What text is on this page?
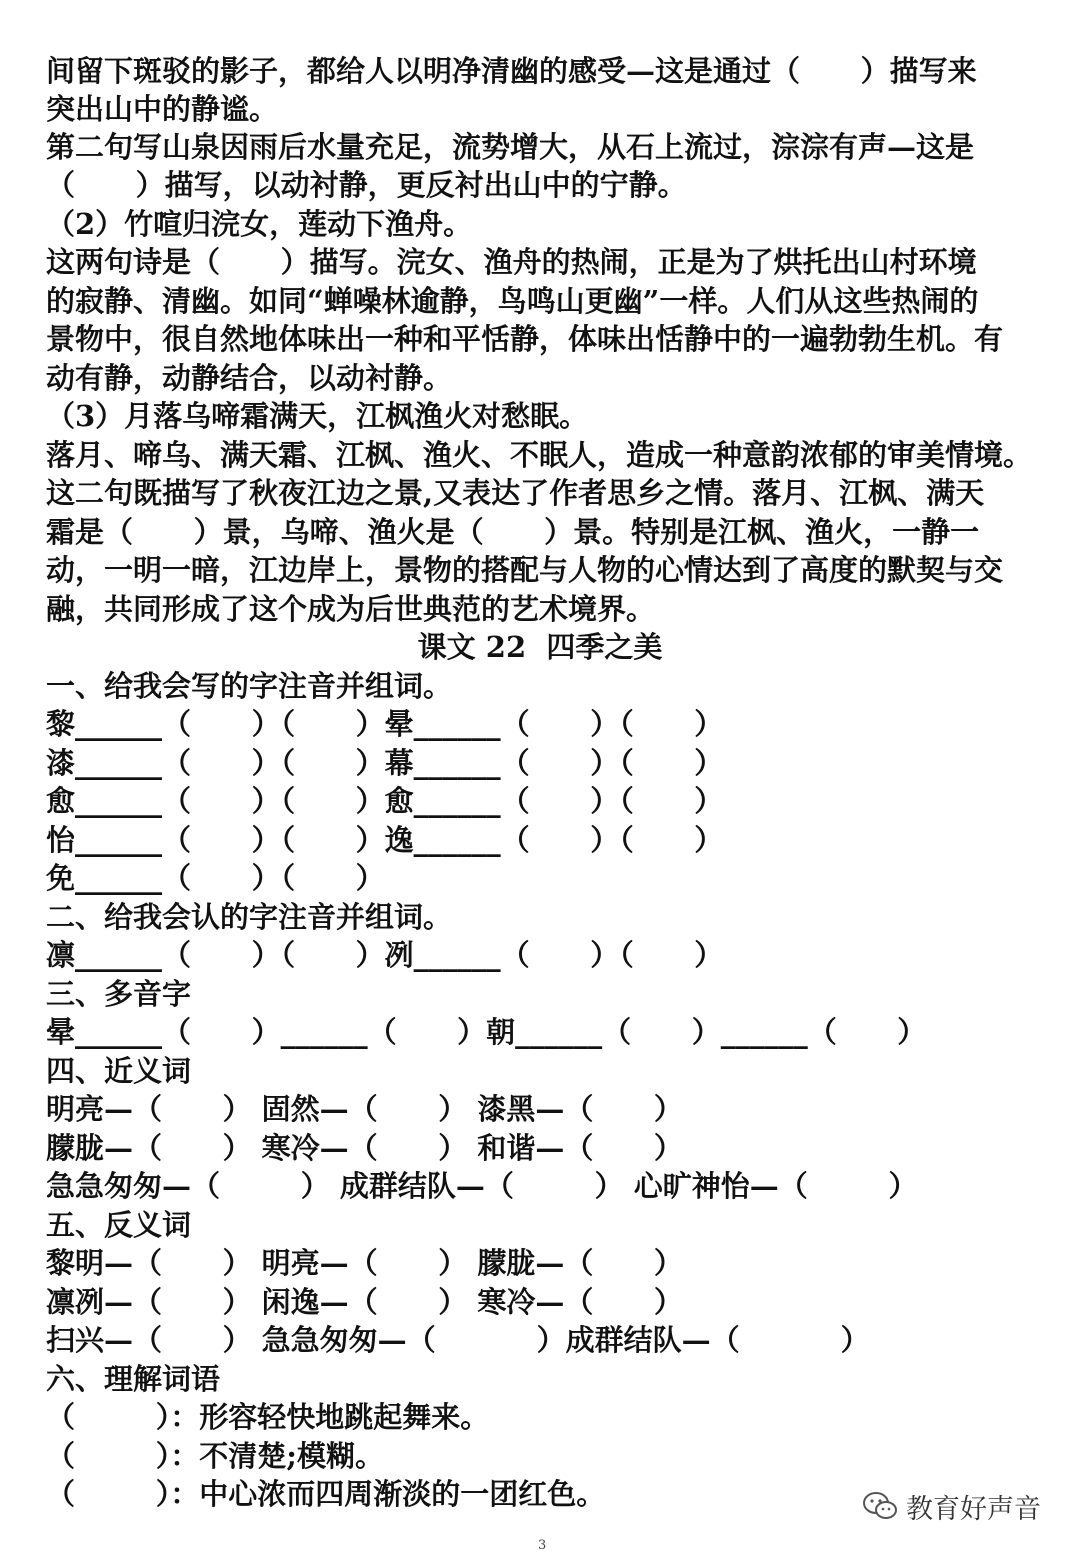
间留下斑驳的影子，都给人以明净清幽的感受—这是通过（      ）描写来
突出山中的静谧。
第二句写山泉因雨后水量充足，流势增大，从石上流过，淙淙有声—这是
（      ）描写，以动衬静，更反衬出山中的宁静。
（2）竹喧归浣女，莲动下渔舟。
这两句诗是（      ）描写。浣女、渔舟的热闹，正是为了烘托出山村环境
的寂静、清幽。如同“蝉噪林逾静，鸟鸣山更幽”一样。人们从这些热闹的
景物中，很自然地体味出一种和平恬静，体味出恬静中的一遍勃勃生机。有
动有静，动静结合，以动衬静。
（3）月落乌啼霜满天，江枫渔火对愁眠。
落月、啼乌、满天霜、江枫、渔火、不眠人，造成一种意韵浓郁的审美情境。
这二句既描写了秋夜江边之景,又表达了作者思乡之情。落月、江枫、满天
霜是（      ）景，乌啼、渔火是（      ）景。特别是江枫、渔火，一静一
动，一明一暗，江边岸上，景物的搭配与人物的心情达到了高度的默契与交
融，共同形成了这个成为后世典范的艺术境界。
课文 22  四季之美
一、给我会写的字注音并组词。
黎______（      ）（      ）晕______（      ）（      ）
漆______（      ）（      ）幕______（      ）（      ）
愈______（      ）（      ）愈______（      ）（      ）
怡______（      ）（      ）逸______（      ）（      ）
免______（      ）（      ）
二、给我会认的字注音并组词。
凛______（      ）（      ）冽______（      ）（      ）
三、多音字
晕______（      ）______（      ）朝______（      ）______（      ）
四、近义词
明亮—（      ） 固然—（      ） 漆黑—（      ）
朦胧—（      ） 寒冷—（      ） 和谐—（      ）
急急匆匆—（        ） 成群结队—（        ） 心旷神怡—（        ）
五、反义词
黎明—（      ） 明亮—（      ） 朦胧—（      ）
凛冽—（      ） 闲逸—（      ） 寒冷—（      ）
扫兴—（      ） 急急匆匆—（          ）成群结队—（          ）
六、理解词语
（        ）：形容轻快地跳起舞来。
（        ）：不清楚;模糊。
（        ）：中心浓而四周渐淡的一团红色。	教育好声音
3
